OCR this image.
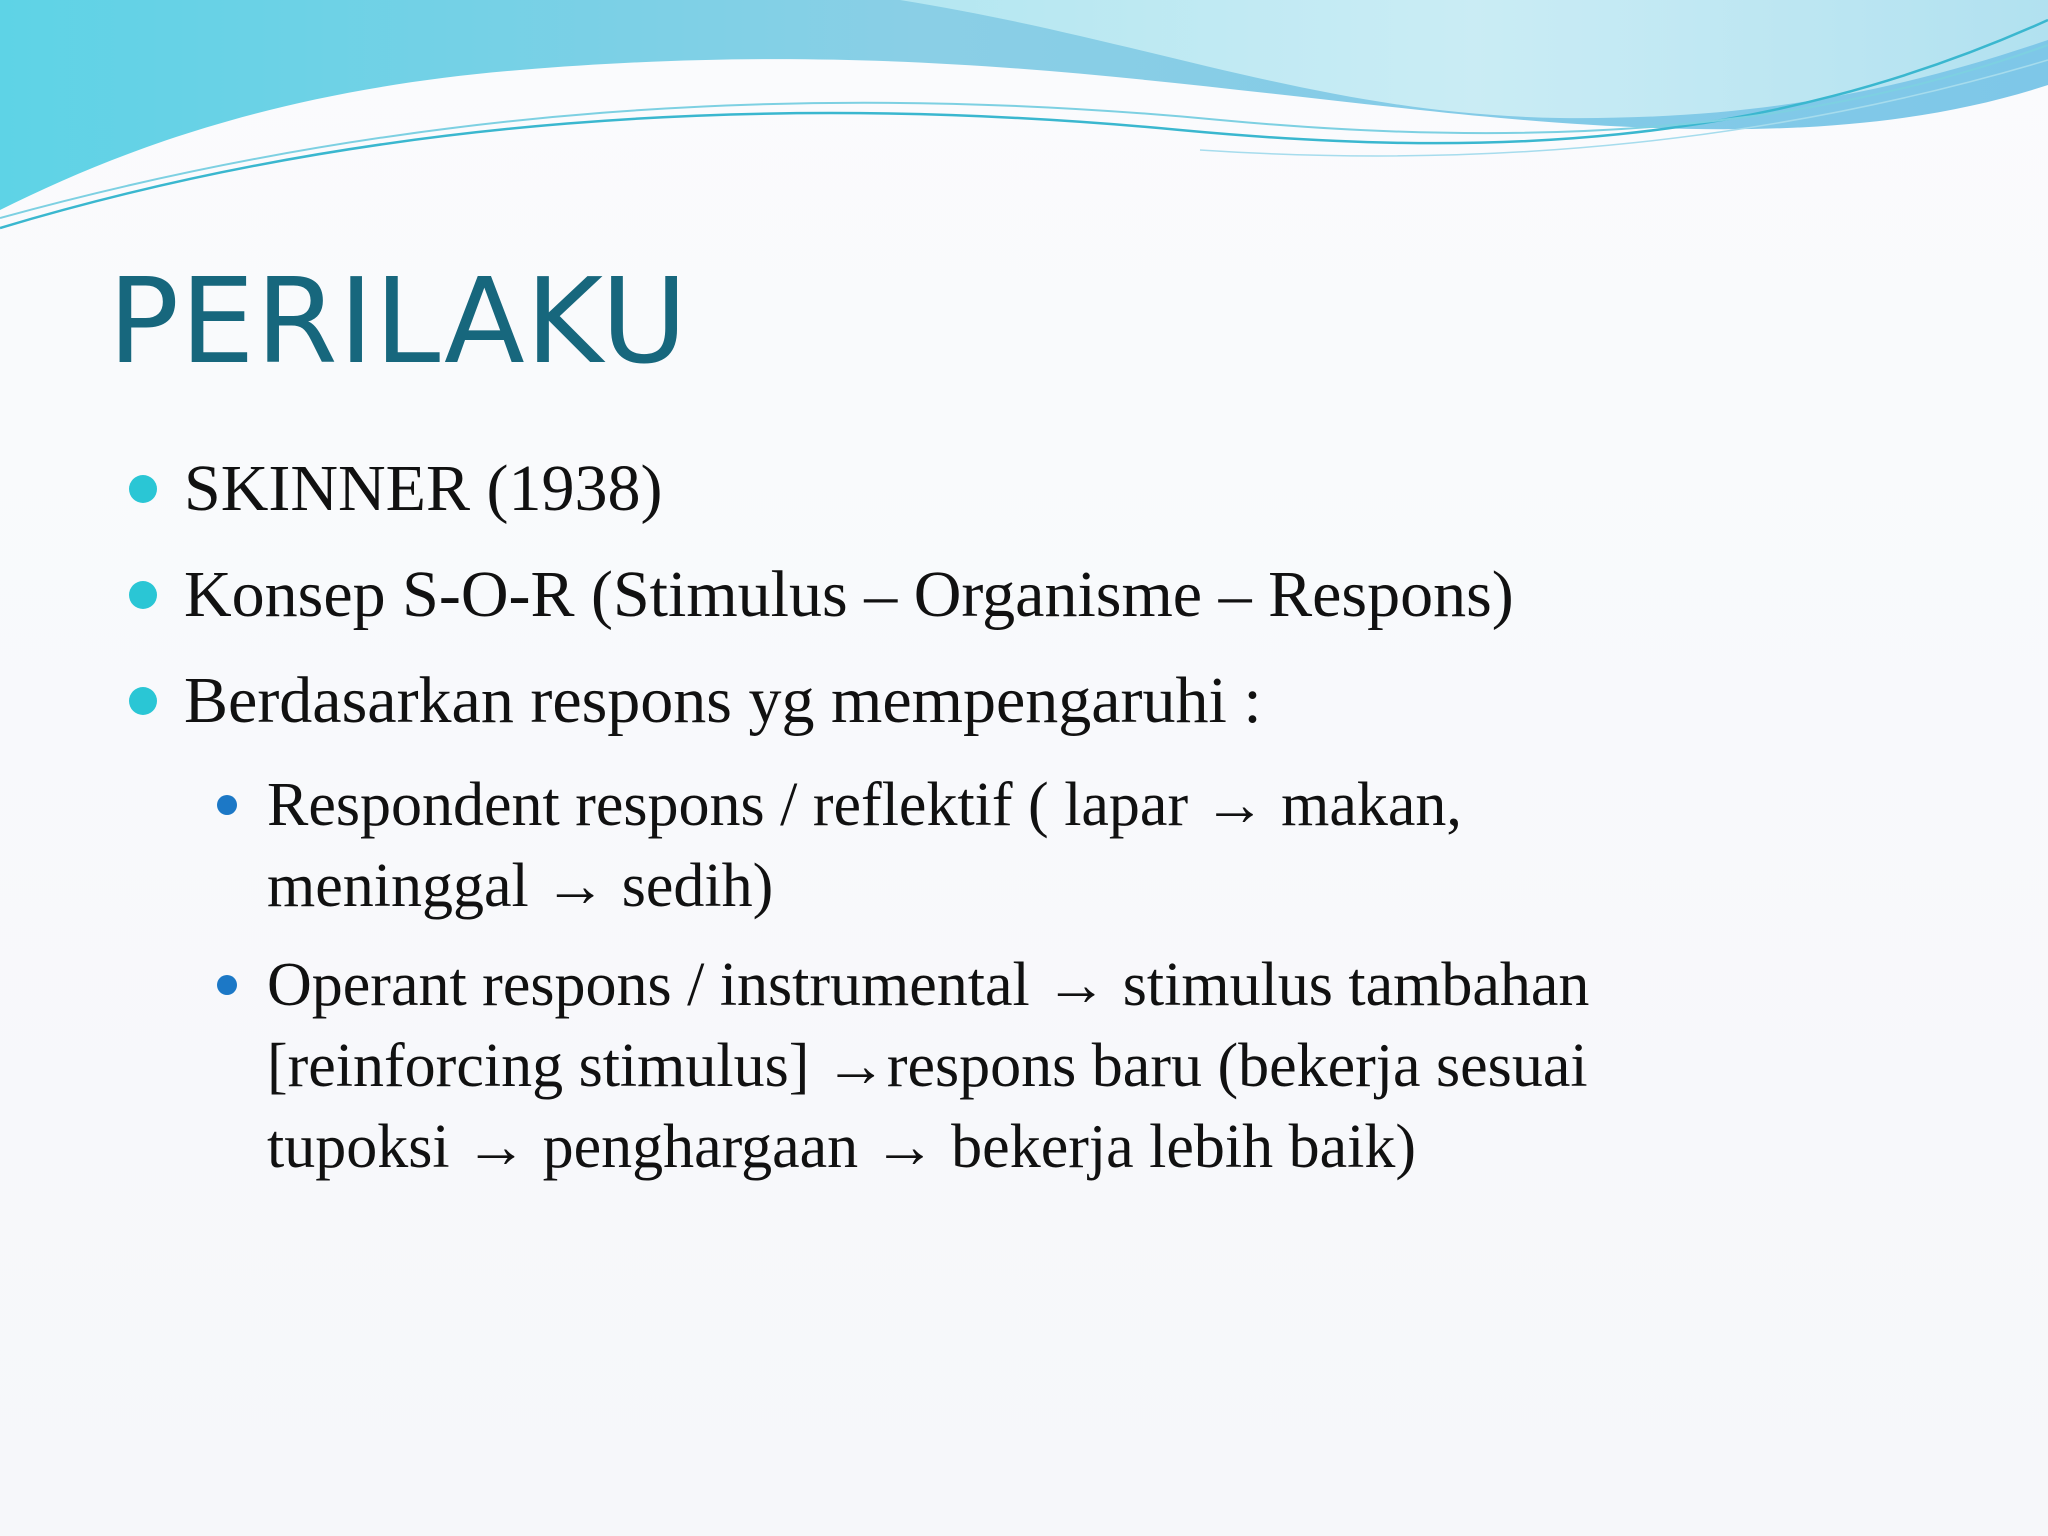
PERILAKU
SKINNER (1938)
Konsep S-O-R (Stimulus – Organisme – Respons)
Berdasarkan respons yg mempengaruhi :
Respondent respons / reflektif ( lapar → makan,
meninggal → sedih)
Operant respons / instrumental → stimulus tambahan
[reinforcing stimulus] →respons baru (bekerja sesuai
tupoksi → penghargaan → bekerja lebih baik)
